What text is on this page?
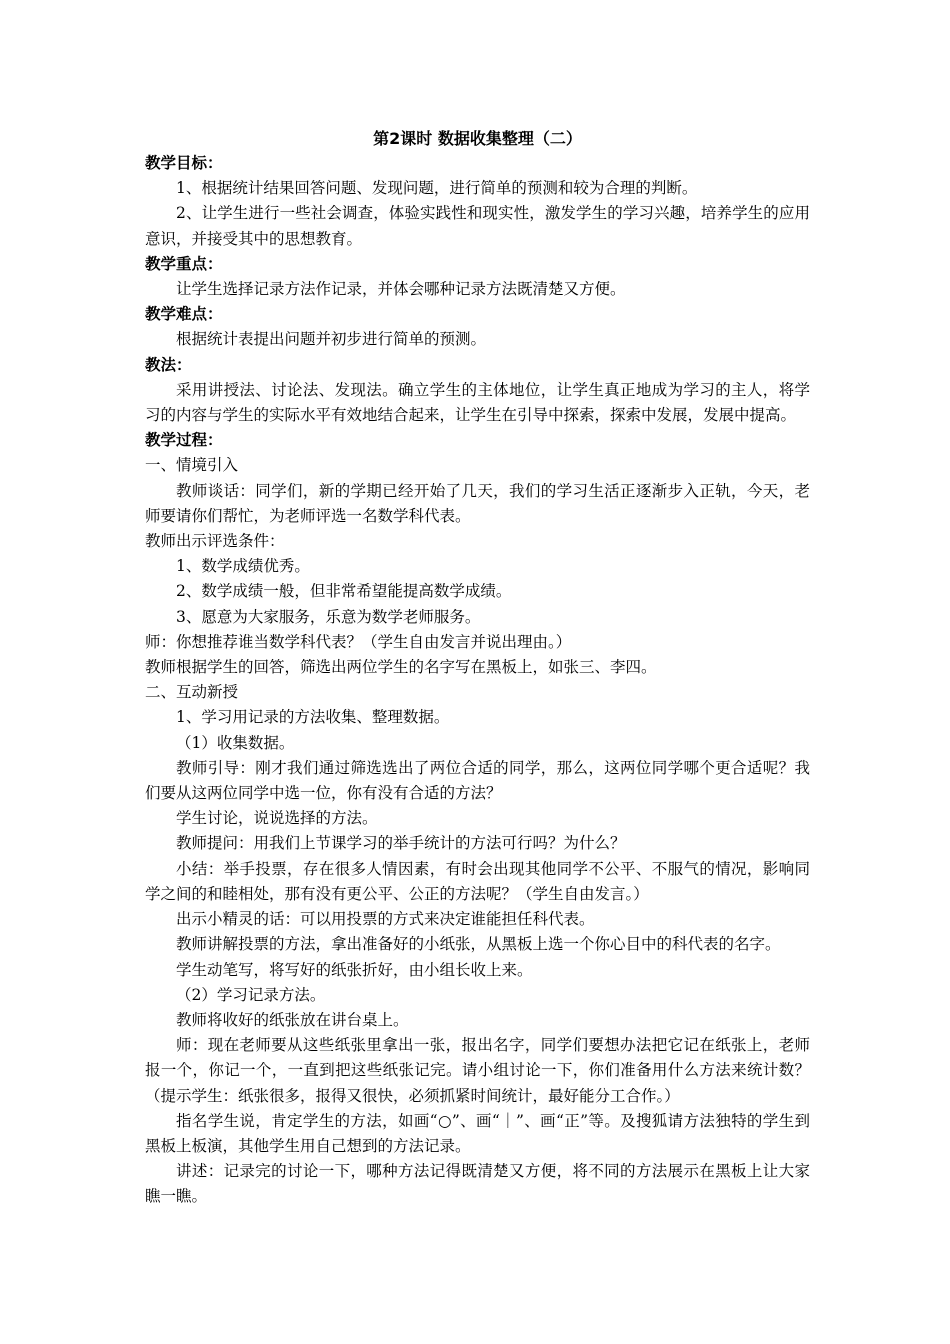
第2课时 数据收集整理（二）

教学目标：

1、根据统计结果回答问题、发现问题，进行简单的预测和较为合理的判断。

2、让学生进行一些社会调查，体验实践性和现实性，激发学生的学习兴趣，培养学生的应用意识，并接受其中的思想教育。

教学重点：

让学生选择记录方法作记录，并体会哪种记录方法既清楚又方便。

教学难点：

根据统计表提出问题并初步进行简单的预测。

教法：

采用讲授法、讨论法、发现法。确立学生的主体地位，让学生真正地成为学习的主人，将学习的内容与学生的实际水平有效地结合起来，让学生在引导中探索，探索中发展，发展中提高。

教学过程：

一、情境引入

教师谈话：同学们，新的学期已经开始了几天，我们的学习生活正逐渐步入正轨，今天，老师要请你们帮忙，为老师评选一名数学科代表。

教师出示评选条件：

1、数学成绩优秀。

2、数学成绩一般，但非常希望能提高数学成绩。

3、愿意为大家服务，乐意为数学老师服务。

师：你想推荐谁当数学科代表？（学生自由发言并说出理由。）

教师根据学生的回答，筛选出两位学生的名字写在黑板上，如张三、李四。

二、互动新授

1、学习用记录的方法收集、整理数据。

（1）收集数据。

教师引导：刚才我们通过筛选选出了两位合适的同学，那么，这两位同学哪个更合适呢？我们要从这两位同学中选一位，你有没有合适的方法？

学生讨论，说说选择的方法。

教师提问：用我们上节课学习的举手统计的方法可行吗？为什么？

小结：举手投票，存在很多人情因素，有时会出现其他同学不公平、不服气的情况，影响同学之间的和睦相处，那有没有更公平、公正的方法呢？（学生自由发言。）

出示小精灵的话：可以用投票的方式来决定谁能担任科代表。

教师讲解投票的方法，拿出准备好的小纸张，从黑板上选一个你心目中的科代表的名字。

学生动笔写，将写好的纸张折好，由小组长收上来。

（2）学习记录方法。

教师将收好的纸张放在讲台桌上。

师：现在老师要从这些纸张里拿出一张，报出名字，同学们要想办法把它记在纸张上，老师报一个，你记一个，一直到把这些纸张记完。请小组讨论一下，你们准备用什么方法来统计数？（提示学生：纸张很多，报得又很快，必须抓紧时间统计，最好能分工合作。）

指名学生说，肯定学生的方法，如画“○”、画“｜”、画“正”等。及搜狐请方法独特的学生到黑板上板演，其他学生用自己想到的方法记录。

讲述：记录完的讨论一下，哪种方法记得既清楚又方便，将不同的方法展示在黑板上让大家瞧一瞧。
